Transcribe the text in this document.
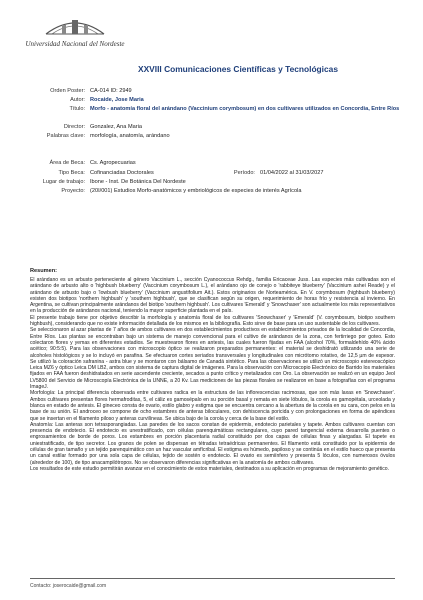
Universidad Nacional del Nordeste
XXVIII Comunicaciones Científicas y Tecnológicas
Orden Poster: CA-014 ID: 2949
Autor: Rocaide, Jose Maria
Título: Morfo - anatomía floral del arándano (Vaccinium corymbosum) en dos cultivares utilizados en Concordia, Entre Ríos
Director: Gonzalez, Ana Maria
Palabras clave: morfología, anatomía, arándano
Área de Beca: Cs. Agropecuarias
Tipo Beca: Cofinanciadas Doctorales	Período: 01/04/2022 al 31/03/2027
Lugar de trabajo: Ibone - Inst. De Botánica Del Nordeste
Proyecto: (20I/001) Estudios Morfo-anatómicos y embriológicos de especies de interés Agrícola
Resumen:

El arándano es un arbusto perteneciente al género Vaccinium L., sección Cyanococcus Rehdg., familia Ericaceae Juss. Las especies más cultivadas son el arándano de arbusto alto o 'highbush blueberry' (Vaccinium corymbosum L.), el arándano ojo de conejo o 'rabbiteye blueberry' (Vaccinium ashei Reade) y el arándano de arbusto bajo o 'lowbush blueberry' (Vaccinium angustifolium Ait.). Estos originarios de Norteamérica. En V. corymbosum (highbush blueberry) existen dos biotipos 'northern highbush' y 'southern highbush', que se clasifican según su origen, requerimiento de horas frío y resistencia al invierno. En Argentina, se cultivan principalmente arándanos del biotipo 'southern highbush'. Los cultivares 'Emerald' y 'Snowchaser' son actualmente los más representativos en la producción de arándanos nacional, teniendo la mayor superficie plantada en el país.

El presente trabajo tiene por objetivo describir la morfología y anatomía floral de los cultivares 'Snowchaser' y 'Emerald' (V. corymbosum, biotipo southern highbush), considerando que no existe información detallada de los mismos en la bibliografía. Esto sirve de base para un uso sustentable de los cultivares.

Se seleccionaron al azar plantas de 7 años de ambos cultivares en dos establecimientos productivos en establecimientos privados de la localidad de Concordia, Entre Ríos. Las plantas se encontraban bajo un sistema de manejo convencional para el cultivo de arándanos de la zona, con fertirriego por goteo. Esto colectaron flores y yemas en diferentes estadios. Se muestrearon flores en antesis, las cuales fueron fijadas en FAA (alcohol 70%, formaldehído 40% ácido acético; 90:5:5). Para las observaciones con microscopio óptico se realizaron preparados permanentes: el material se deshidrató utilizando una serie de alcoholes histológicos y se lo incluyó en parafina. Se efectuaron cortes seriados transversales y longitudinales con micrótomo rotativo, de 12,5 µm de espesor. Se utilizó la coloración safranina - astra blue y se montaron con bálsamo de Canadá sintético. Para las observaciones se utilizó un microscopio estereoscópico Leica MZ6 y óptico Leica DM LB2, ambos con sistema de captura digital de imágenes. Para la observación con Microscopio Electrónico de Barrido los materiales fijados en FAA fueron deshidratados en serie ascendente creciente, secados a punto crítico y metalizados con Oro. La observación se realizó en un equipo Jeol LV5800 del Servicio de Microscopía Electrónica de la UNNE, a 20 Kv. Las mediciones de las piezas florales se realizaron en base a fotografías con el programa ImageJ.

Morfología: La principal diferencia observada entre cultivares radica en la estructura de las inflorescencias racimosas, que son más laxas en 'Snowchaser'. Ambos cultivares presentan flores hermafroditas, 5, el cáliz es gamosépalo en su porción basal y remata en siete lóbulos, la corola es gamopétala, urceolada y blanca en estado de antesis. El gineceo consta de ovario, estilo glabro y estigma que se encuentra cercano a la abertura de la corola en su cara, con pelos en la base de su unión. El androceo se compone de ocho estambres de anteras biloculares, con dehiscencia poricida y con prolongaciones en forma de apéndices que se insertan en el filamento piloso y anteras curvilíneas. Se ubica bajo de la corola y cerca de la base del estilo.

Anatomía: Las anteras son tetrasporangiadas. Las paredes de los sacos constan de epidermis, endotecio parietales y tapete. Ambos cultivares cuentan con presencia de endotecio. El endotecio es unestratificado, con células parenquimáticas rectangulares, cuyo pared tangencial externa desarrolla puentes o engrosamientos de borde de poros. Los estambres en porción placentaria radial constituido por dos capas de células finas y alargadas. El tapete es uniestratificado, de tipo secretor. Los granos de polen se dispersan en tétradas tetraédricas permanentes. El filamento está constituido por la epidermis de células de gran tamaño y un tejido parenquimático con un haz vascular amfícribal. El estigma es húmedo, papiloso y se continúa en el estilo hueco que presenta un canal estilar formado por una sola capa de células, tejido de sostén o endotecio. El ovario es semiínfero y presenta 5 lóculos, con numerosos óvulos (alrededor de 100), de tipo anacampilótropos. No se observaron diferencias significativas en la anatomía de ambos cultivares.

Los resultados de este estudio permitirán avanzar en el conocimiento de estos materiales, destinados a su aplicación en programas de mejoramiento genético.

Contacto: joserocaide@gmail.com
